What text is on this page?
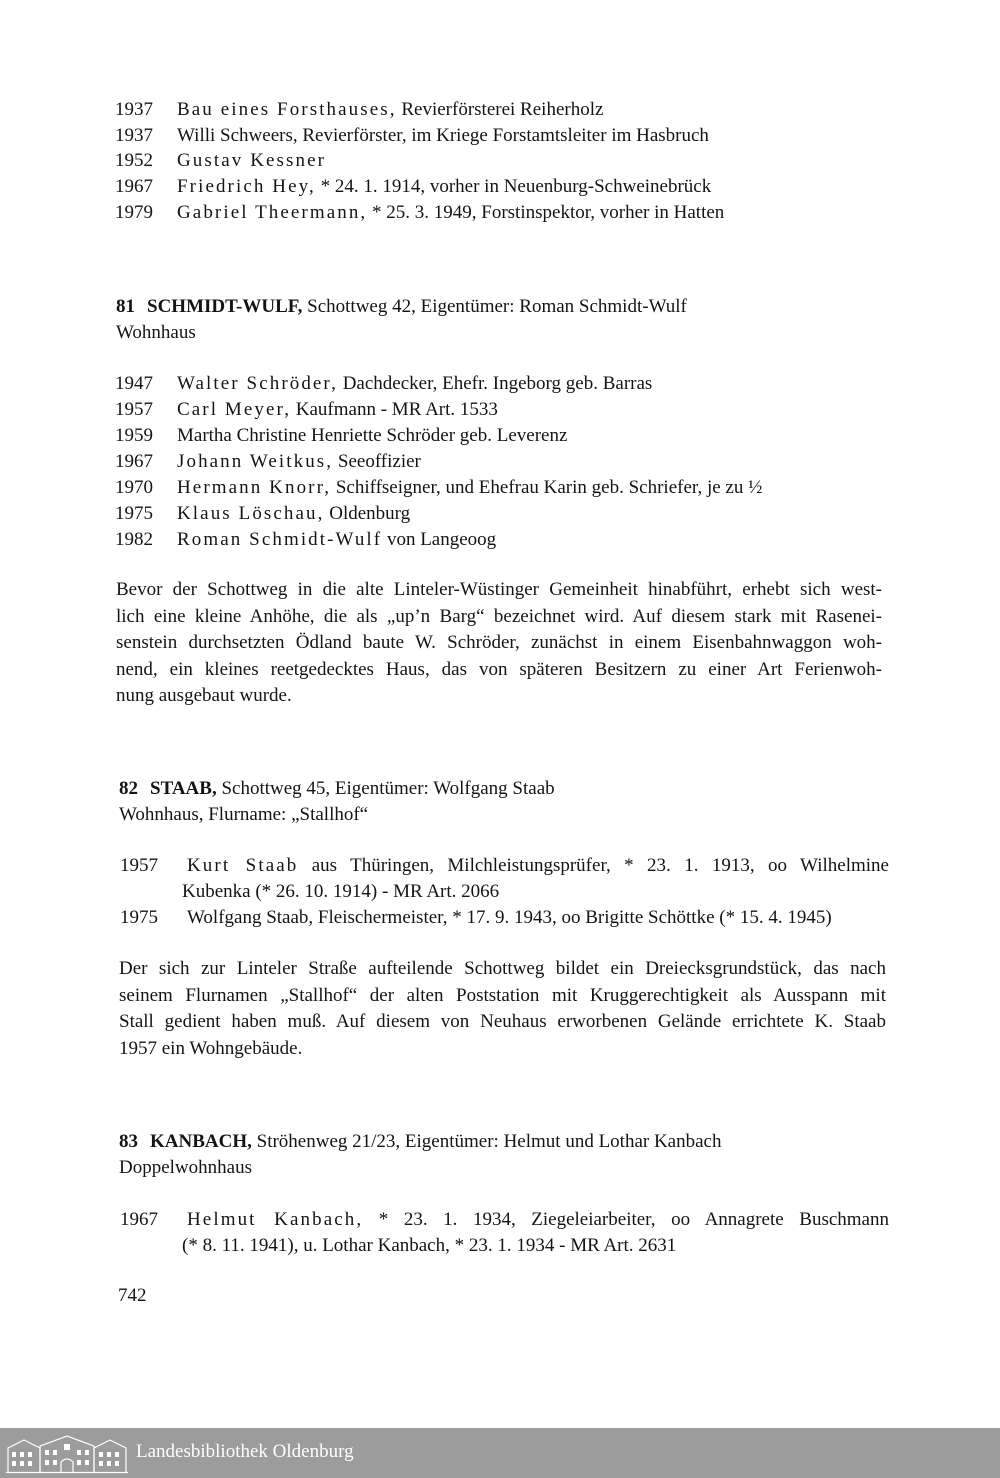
1937 Bau eines Forsthauses, Revierförsterei Reiherholz
1937 Willi Schweers, Revierförster, im Kriege Forstamtsleiter im Hasbruch
1952 Gustav Kessner
1967 Friedrich Hey, * 24. 1. 1914, vorher in Neuenburg-Schweinebrück
1979 Gabriel Theermann, * 25. 3. 1949, Forstinspektor, vorher in Hatten
81 SCHMIDT-WULF, Schottweg 42, Eigentümer: Roman Schmidt-Wulf
Wohnhaus
1947 Walter Schröder, Dachdecker, Ehefr. Ingeborg geb. Barras
1957 Carl Meyer, Kaufmann - MR Art. 1533
1959 Martha Christine Henriette Schröder geb. Leverenz
1967 Johann Weitkus, Seeoffizier
1970 Hermann Knorr, Schiffseigner, und Ehefrau Karin geb. Schriefer, je zu ½
1975 Klaus Löschau, Oldenburg
1982 Roman Schmidt-Wulf von Langeoog
Bevor der Schottweg in die alte Linteler-Wüstinger Gemeinheit hinabführt, erhebt sich west-
lich eine kleine Anhöhe, die als „up’n Barg“ bezeichnet wird. Auf diesem stark mit Rasenei-
senstein durchsetzten Ödland baute W. Schröder, zunächst in einem Eisenbahnwaggon woh-
nend, ein kleines reetgedecktes Haus, das von späteren Besitzern zu einer Art Ferienwoh-
nung ausgebaut wurde.
82 STAAB, Schottweg 45, Eigentümer: Wolfgang Staab
Wohnhaus, Flurname: „Stallhof“
1957 Kurt Staab aus Thüringen, Milchleistungsprüfer, * 23. 1. 1913, oo Wilhelmine
Kubenka (* 26. 10. 1914) - MR Art. 2066
1975 Wolfgang Staab, Fleischermeister, * 17. 9. 1943, oo Brigitte Schöttke (* 15. 4. 1945)
Der sich zur Linteler Straße aufteilende Schottweg bildet ein Dreiecksgrundstück, das nach
seinem Flurnamen „Stallhof“ der alten Poststation mit Kruggerechtigkeit als Ausspann mit
Stall gedient haben muß. Auf diesem von Neuhaus erworbenen Gelände errichtete K. Staab
1957 ein Wohngebäude.
83 KANBACH, Ströhenweg 21/23, Eigentümer: Helmut und Lothar Kanbach
Doppelwohnhaus
1967 Helmut Kanbach, * 23. 1. 1934, Ziegeleiarbeiter, oo Annagrete Buschmann
(* 8. 11. 1941), u. Lothar Kanbach, * 23. 1. 1934 - MR Art. 2631
742
Landesbibliothek Oldenburg
